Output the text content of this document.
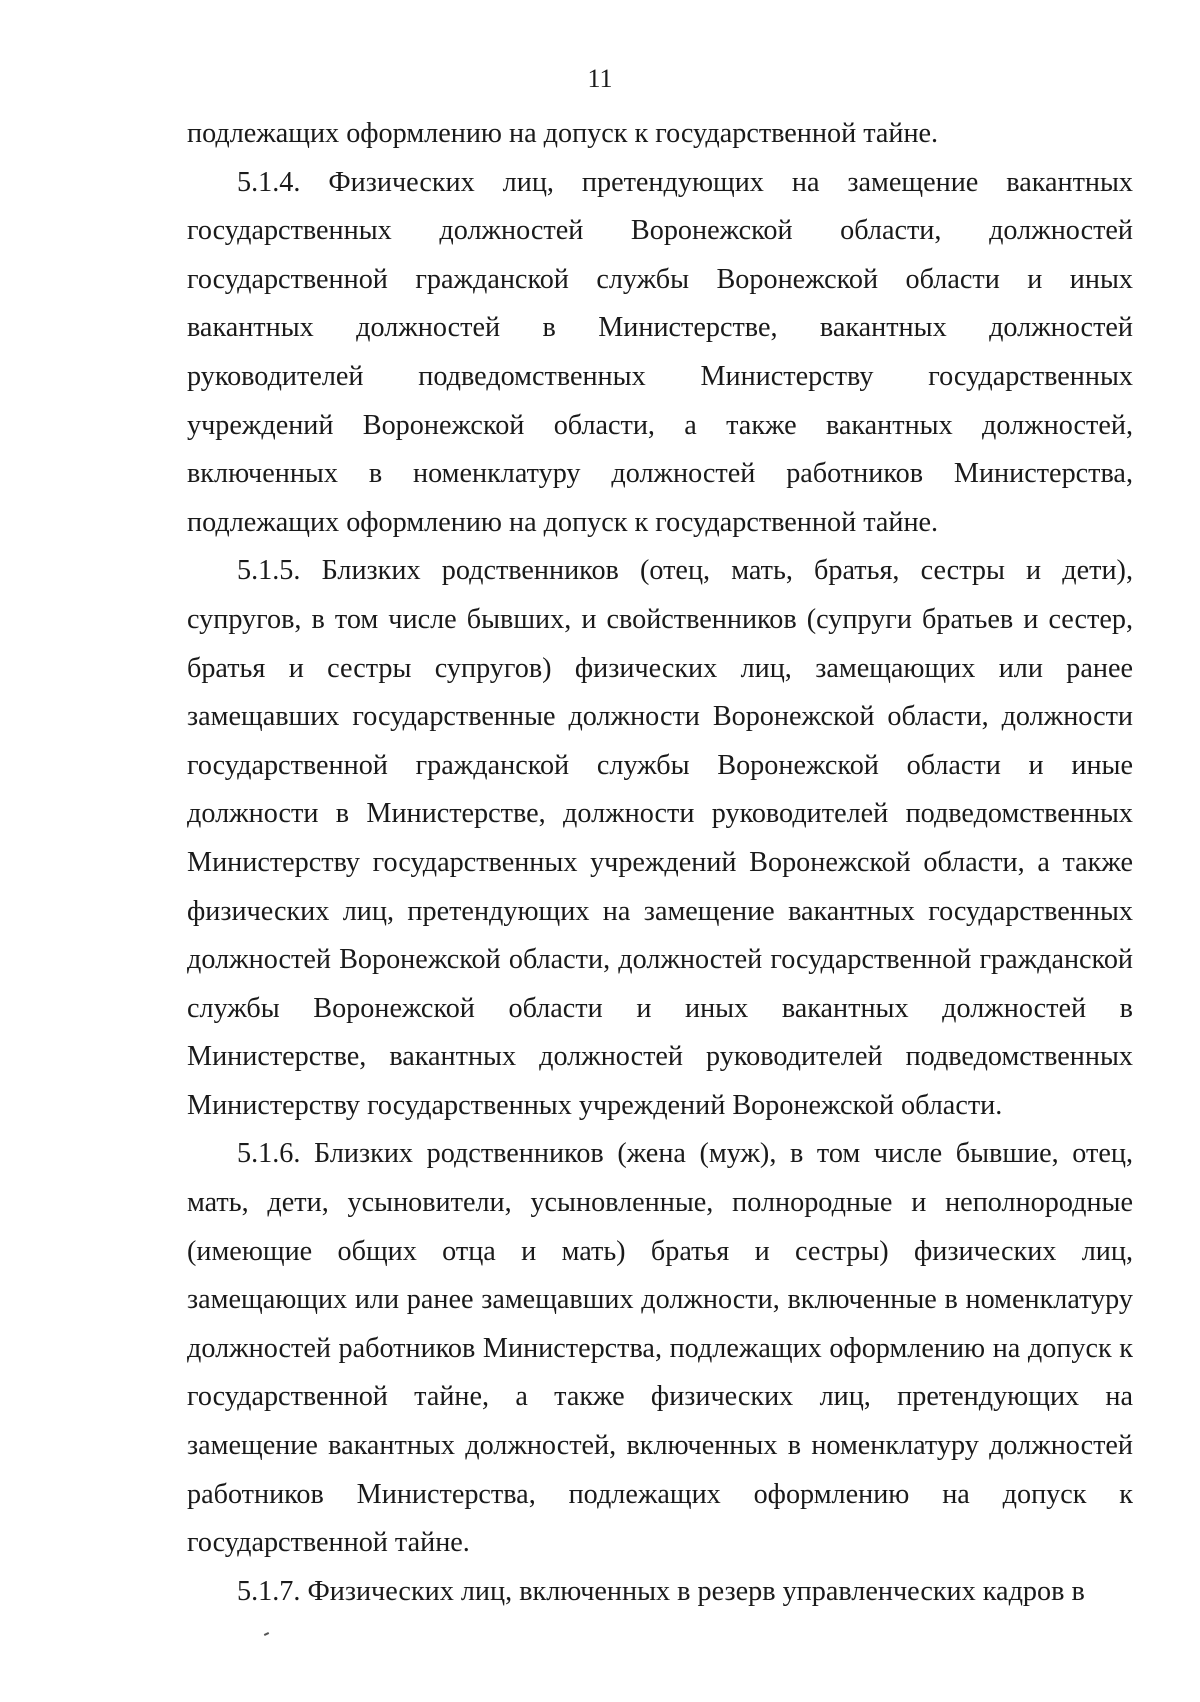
11

подлежащих оформлению на допуск к государственной тайне.

5.1.4. Физических лиц, претендующих на замещение вакантных государственных должностей Воронежской области, должностей государственной гражданской службы Воронежской области и иных вакантных должностей в Министерстве, вакантных должностей руководителей подведомственных Министерству государственных учреждений Воронежской области, а также вакантных должностей, включенных в номенклатуру должностей работников Министерства, подлежащих оформлению на допуск к государственной тайне.

5.1.5. Близких родственников (отец, мать, братья, сестры и дети), супругов, в том числе бывших, и свойственников (супруги братьев и сестер, братья и сестры супругов) физических лиц, замещающих или ранее замещавших государственные должности Воронежской области, должности государственной гражданской службы Воронежской области и иные должности в Министерстве, должности руководителей подведомственных Министерству государственных учреждений Воронежской области, а также физических лиц, претендующих на замещение вакантных государственных должностей Воронежской области, должностей государственной гражданской службы Воронежской области и иных вакантных должностей в Министерстве, вакантных должностей руководителей подведомственных Министерству государственных учреждений Воронежской области.

5.1.6. Близких родственников (жена (муж), в том числе бывшие, отец, мать, дети, усыновители, усыновленные, полнородные и неполнородные (имеющие общих отца и мать) братья и сестры) физических лиц, замещающих или ранее замещавших должности, включенные в номенклатуру должностей работников Министерства, подлежащих оформлению на допуск к государственной тайне, а также физических лиц, претендующих на замещение вакантных должностей, включенных в номенклатуру должностей работников Министерства, подлежащих оформлению на допуск к государственной тайне.

5.1.7. Физических лиц, включенных в резерв управленческих кадров в
